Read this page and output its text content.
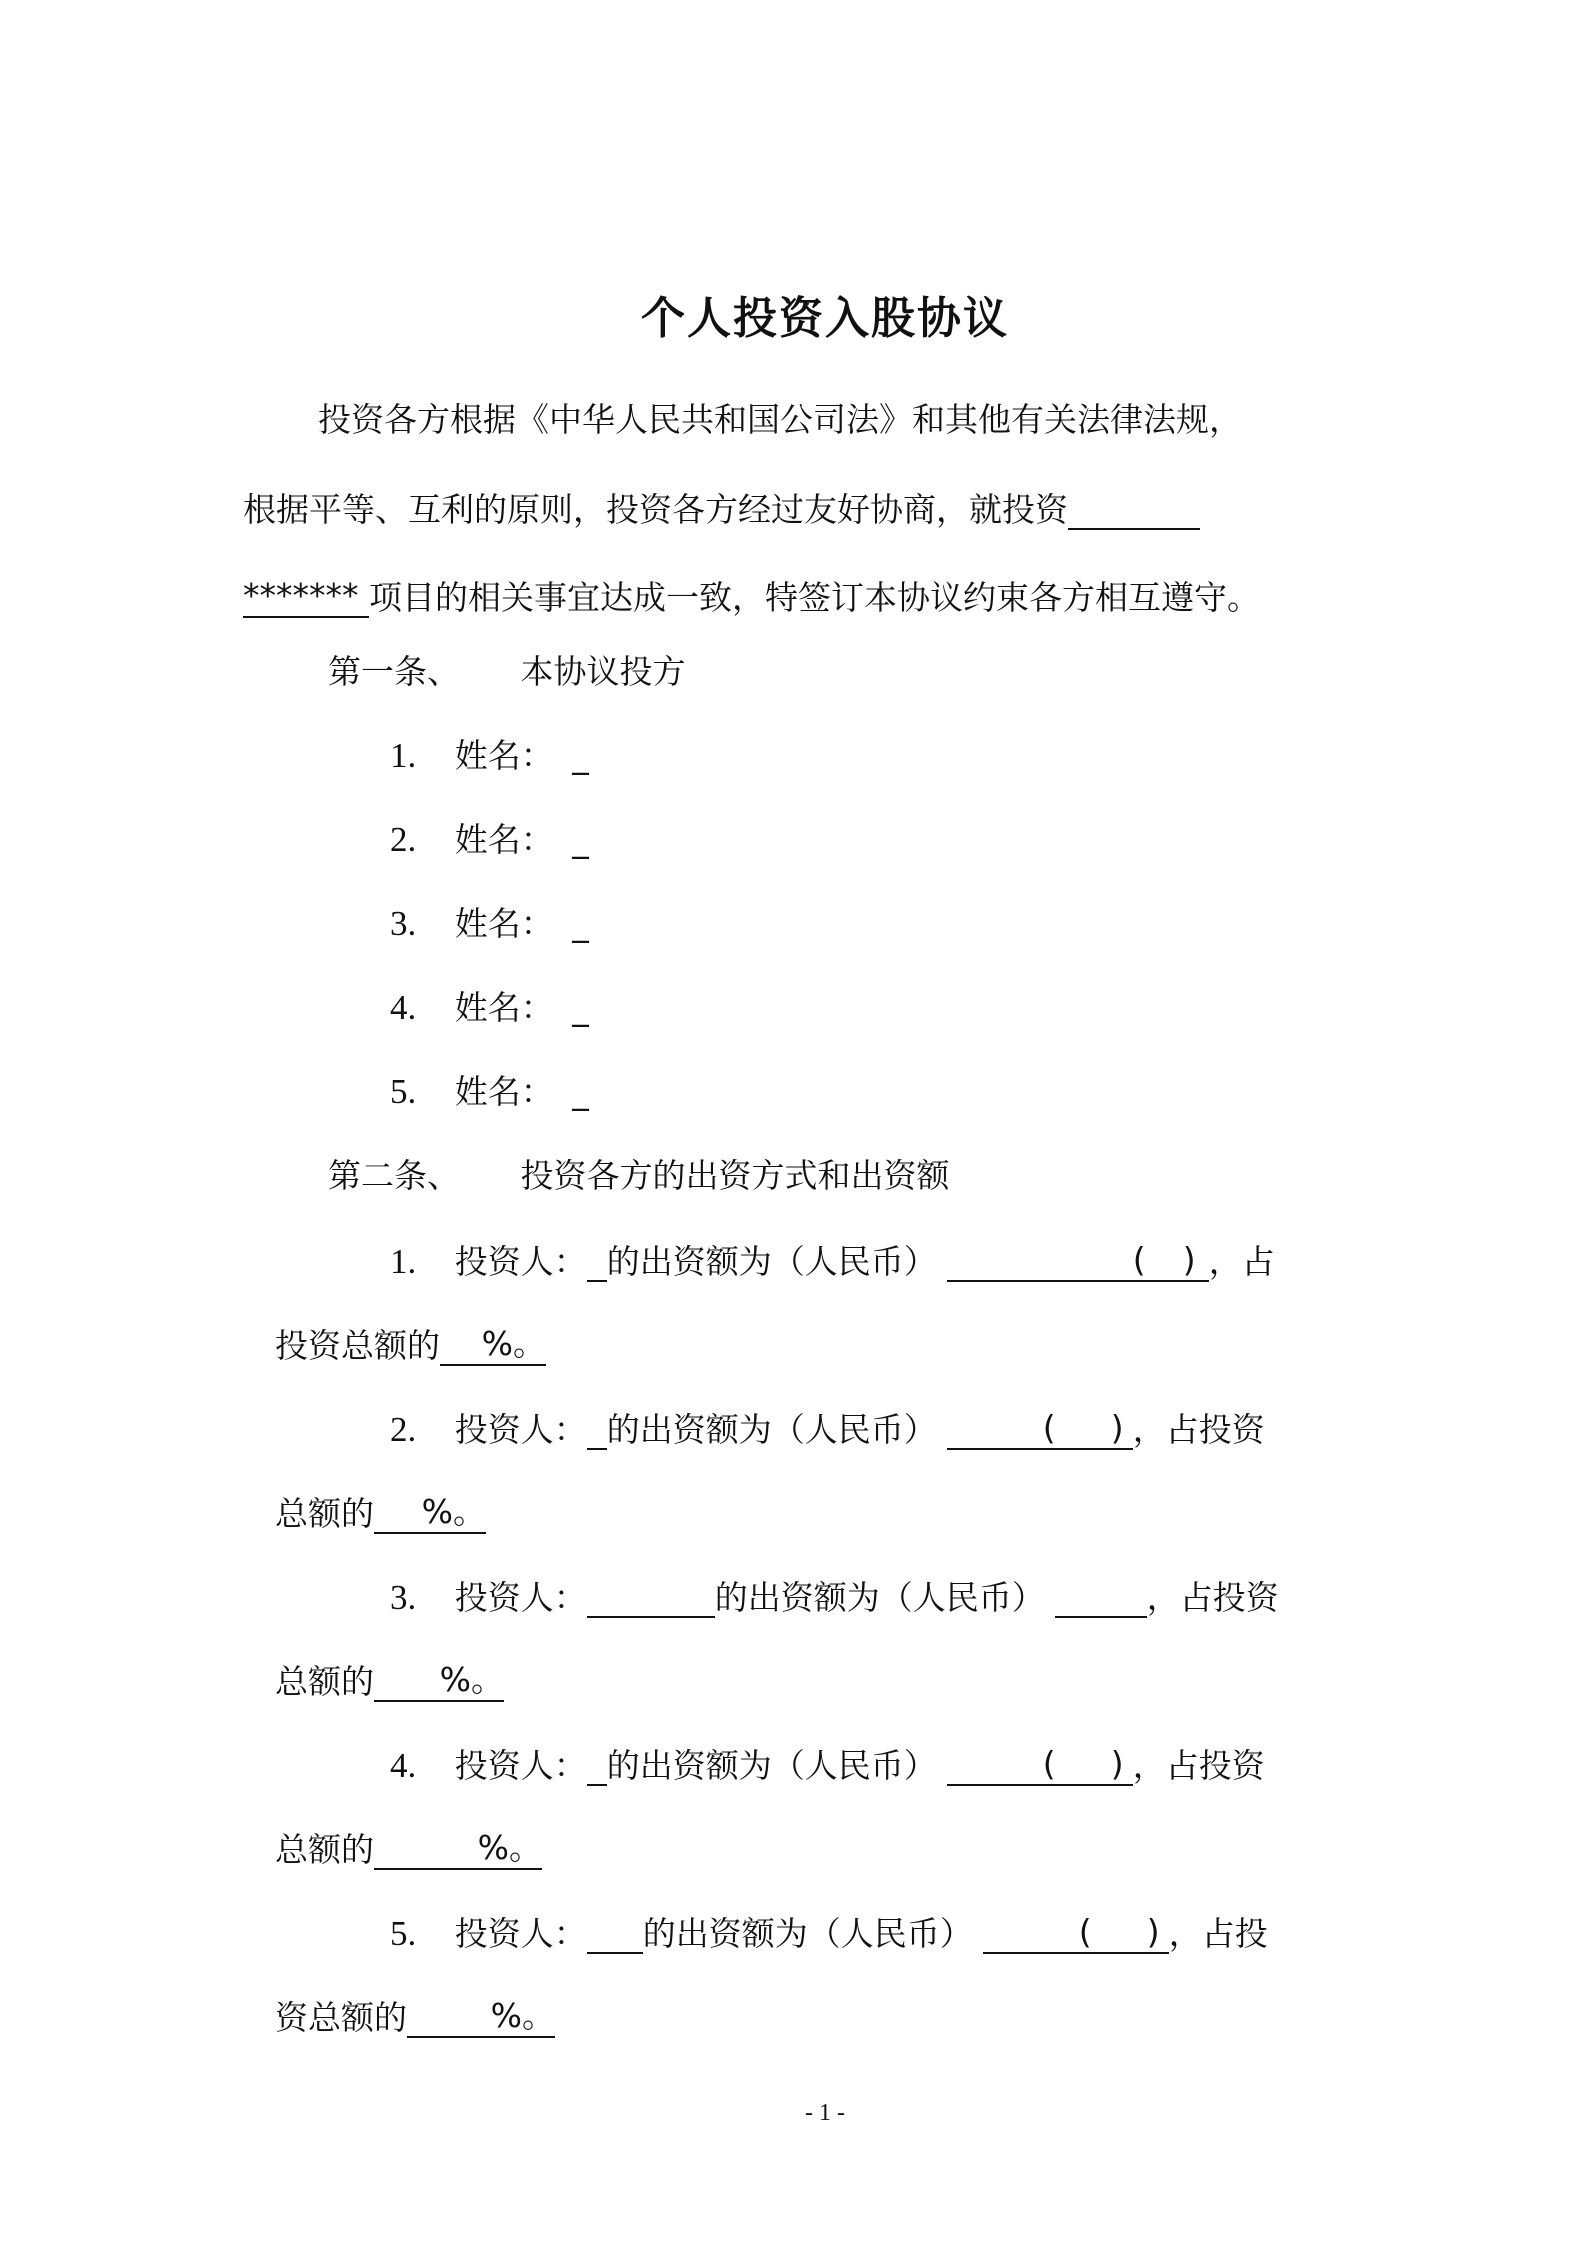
个人投资入股协议
投资各方根据《中华人民共和国公司法》和其他有关法律法规，
根据平等、互利的原则，投资各方经过友好协商，就投资
******* 项目的相关事宜达成一致，特签订本协议约束各方相互遵守。
第一条、 本协议投方
1. 姓名： _
2. 姓名： _
3. 姓名： _
4. 姓名： _
5. 姓名： _
第二条、 投资各方的出资方式和出资额
1. 投资人： 的出资额为（人民币）	( ) ，占
投资总额的 %。
2. 投资人： 的出资额为（人民币）	( ) ，占投资
总额的 %。
3. 投资人：	的出资额为（人民币）	，占投资
总额的 %。
4. 投资人： 的出资额为（人民币）	( ) ，占投资
总额的	%。
5. 投资人： 的出资额为（人民币）	( ) ，占投
资总额的	%。
- 1 -
